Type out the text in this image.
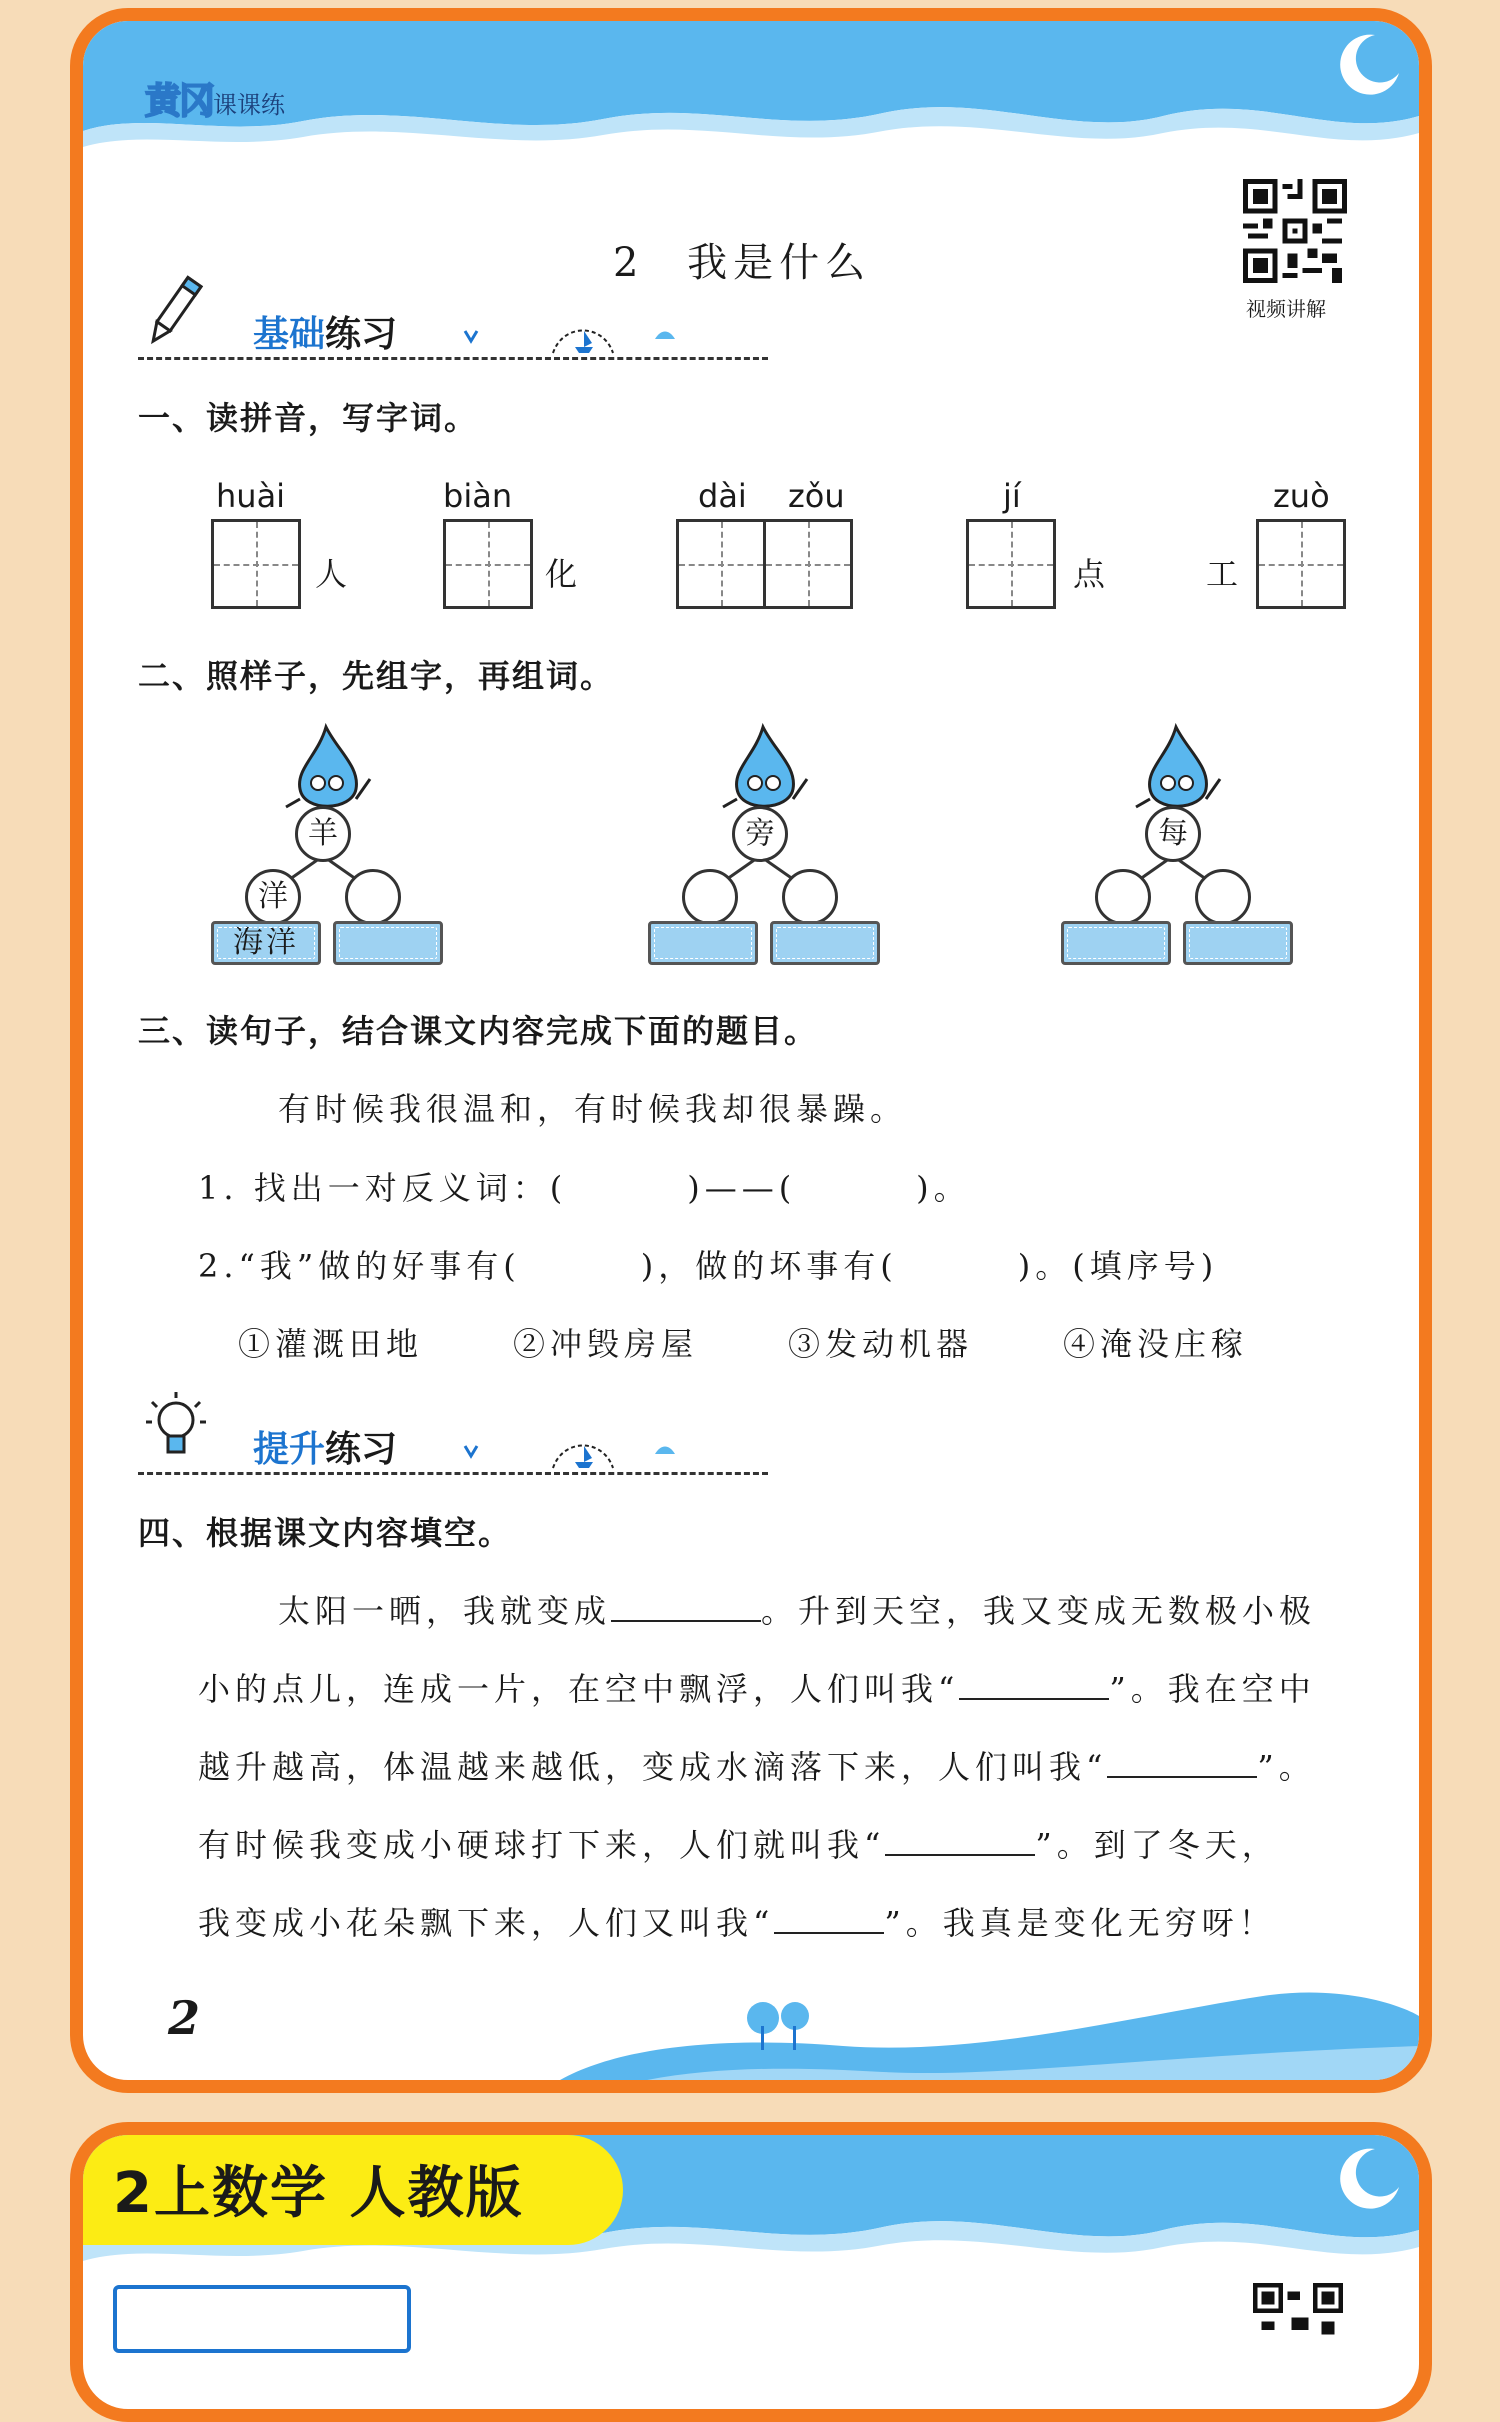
黄冈课课练
视频讲解
2 我是什么
基础练习
一、读拼音，写字词。
huài
人
biàn
化
dài zǒu	jí
点	工
zuò
二、照样子，先组字，再组词。
羊
洋
海洋
旁	每
三、读句子，结合课文内容完成下面的题目。
有时候我很温和，有时候我却很暴躁。
1. 找出一对反义词：(	)——(	)。
2.“我”做的好事有(	)，做的坏事有(	)。(填序号)
①灌溉田地	②冲毁房屋	③发动机器	④淹没庄稼
提升练习
四、根据课文内容填空。
太阳一晒，我就变成	。升到天空，我又变成无数极小极
小的点儿，连成一片，在空中飘浮，人们叫我“	”。我在空中
越升越高，体温越来越低，变成水滴落下来，人们叫我“	”。
有时候我变成小硬球打下来，人们就叫我“	”。到了冬天，
我变成小花朵飘下来，人们又叫我“	”。我真是变化无穷呀！
2
2上数学 人教版
